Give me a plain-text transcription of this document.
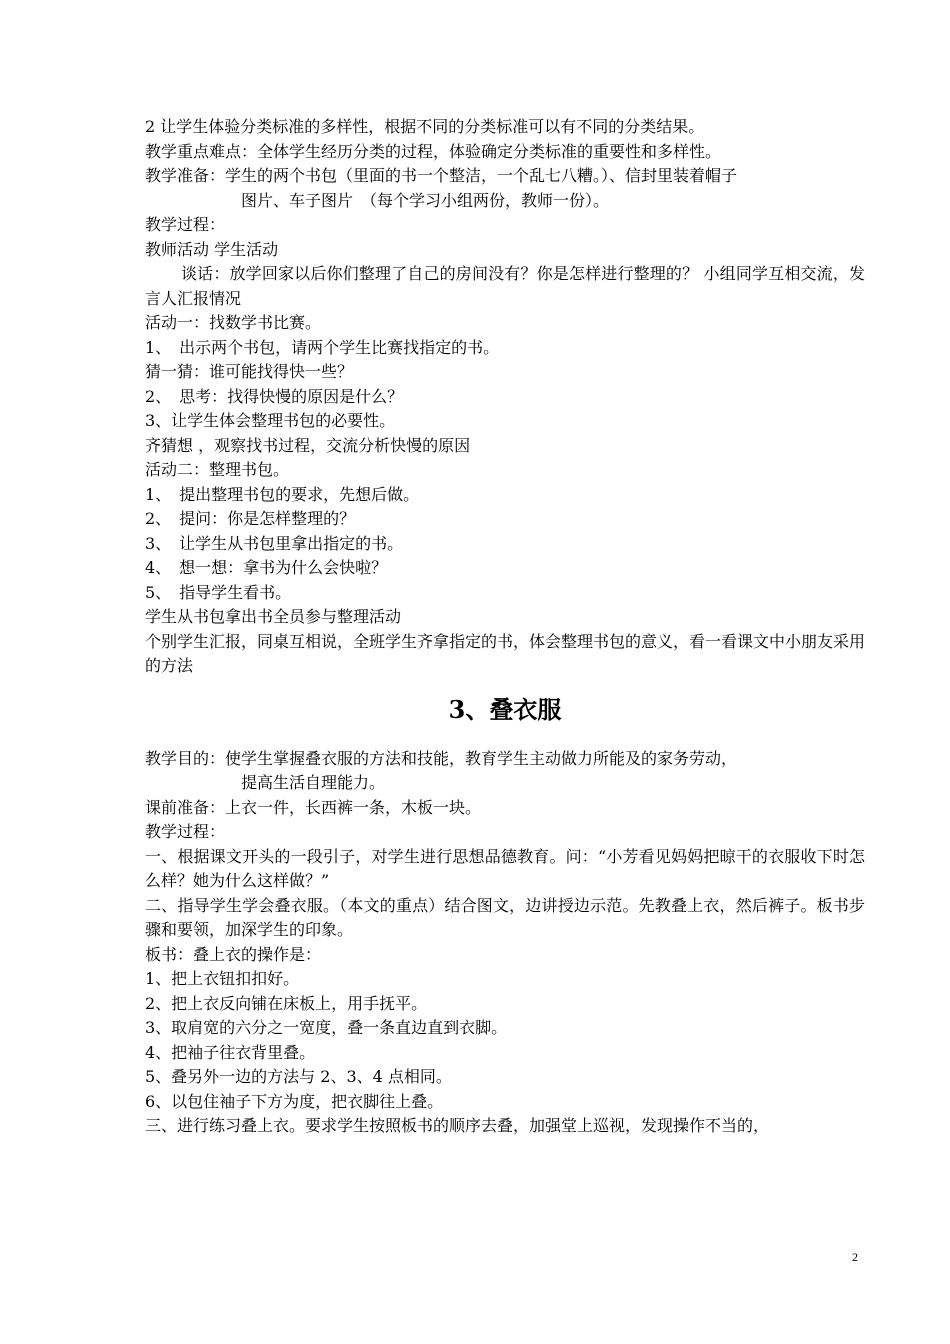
2 让学生体验分类标准的多样性，根据不同的分类标准可以有不同的分类结果。
教学重点难点：全体学生经历分类的过程，体验确定分类标准的重要性和多样性。
教学准备：学生的两个书包（里面的书一个整洁，一个乱七八糟。）、信封里装着帽子
图片、车子图片　（每个学习小组两份，教师一份）。
教学过程：
教师活动 学生活动
谈话：放学回家以后你们整理了自己的房间没有？你是怎样进行整理的？ 小组同学互相交流，发言人汇报情况
活动一：找数学书比赛。
1、　出示两个书包，请两个学生比赛找指定的书。
猜一猜：谁可能找得快一些？
2、　思考：找得快慢的原因是什么？
3、让学生体会整理书包的必要性。
齐猜想 ，观察找书过程，交流分析快慢的原因
活动二：整理书包。
1、　提出整理书包的要求，先想后做。
2、　提问：你是怎样整理的？
3、　让学生从书包里拿出指定的书。
4、　想一想：拿书为什么会快啦？
5、　指导学生看书。
学生从书包拿出书全员参与整理活动
个别学生汇报，同桌互相说，全班学生齐拿指定的书，体会整理书包的意义，看一看课文中小朋友采用的方法
3、叠衣服
教学目的：使学生掌握叠衣服的方法和技能，教育学生主动做力所能及的家务劳动，
提高生活自理能力。
课前准备：上衣一件，长西裤一条，木板一块。
教学过程：
一、根据课文开头的一段引子，对学生进行思想品德教育。问：“小芳看见妈妈把晾干的衣服收下时怎么样？她为什么这样做？”
二、指导学生学会叠衣服。（本文的重点）结合图文，边讲授边示范。先教叠上衣，然后裤子。板书步骤和要领，加深学生的印象。
板书：叠上衣的操作是：
1、把上衣钮扣扣好。
2、把上衣反向铺在床板上，用手抚平。
3、取肩宽的六分之一宽度，叠一条直边直到衣脚。
4、把袖子往衣背里叠。
5、叠另外一边的方法与 2、3、4 点相同。
6、以包住袖子下方为度，把衣脚往上叠。
三、进行练习叠上衣。要求学生按照板书的顺序去叠，加强堂上巡视，发现操作不当的，
2
